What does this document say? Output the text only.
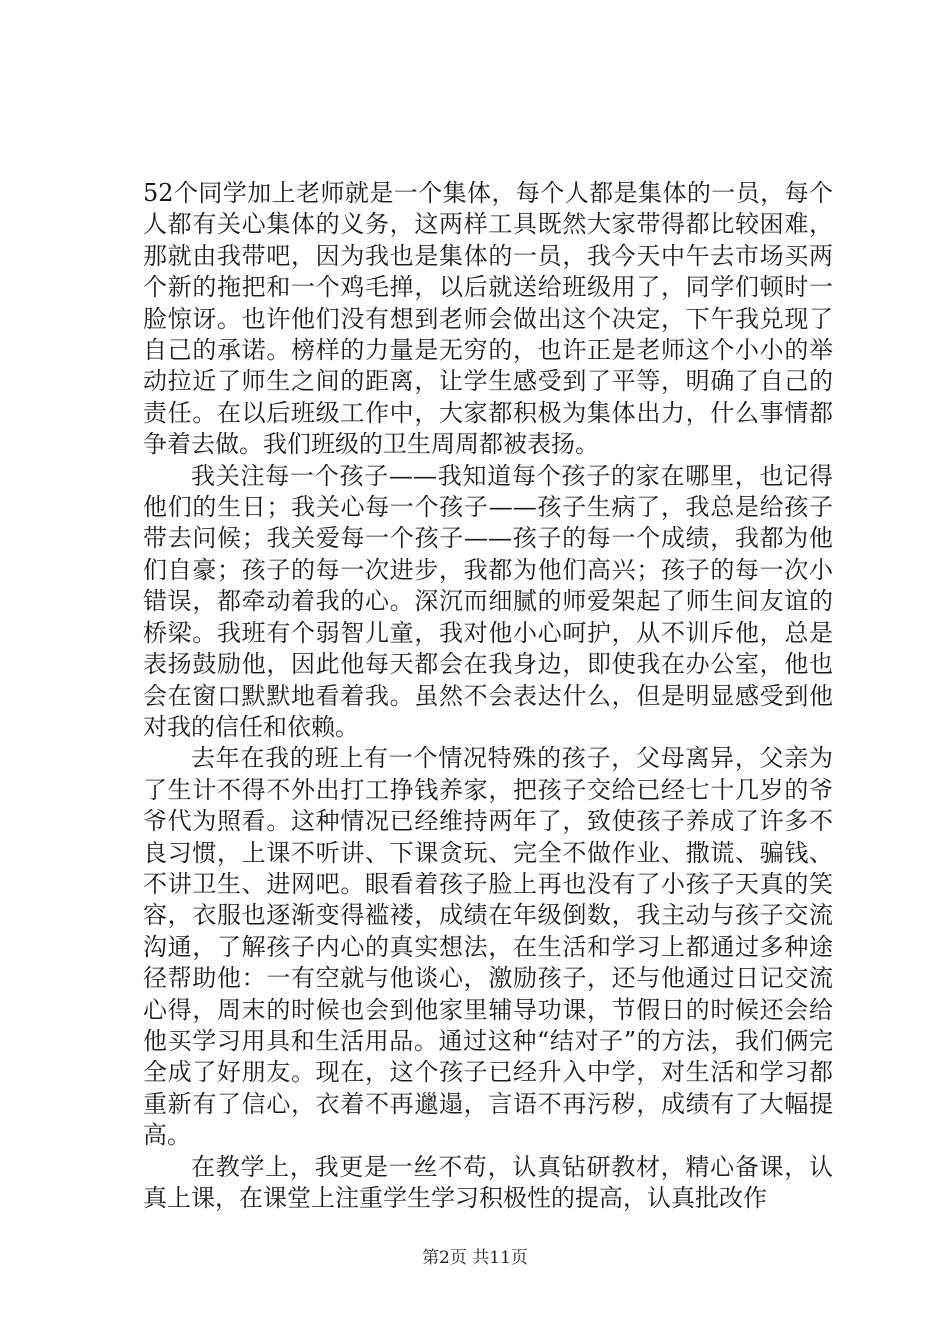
52个同学加上老师就是一个集体，每个人都是集体的一员，每个人都有关心集体的义务，这两样工具既然大家带得都比较困难，那就由我带吧，因为我也是集体的一员，我今天中午去市场买两个新的拖把和一个鸡毛掸，以后就送给班级用了，同学们顿时一脸惊讶。也许他们没有想到老师会做出这个决定，下午我兑现了自己的承诺。榜样的力量是无穷的，也许正是老师这个小小的举动拉近了师生之间的距离，让学生感受到了平等，明确了自己的责任。在以后班级工作中，大家都积极为集体出力，什么事情都争着去做。我们班级的卫生周周都被表扬。

我关注每一个孩子——我知道每个孩子的家在哪里，也记得他们的生日；我关心每一个孩子——孩子生病了，我总是给孩子带去问候；我关爱每一个孩子——孩子的每一个成绩，我都为他们自豪；孩子的每一次进步，我都为他们高兴；孩子的每一次小错误，都牵动着我的心。深沉而细腻的师爱架起了师生间友谊的桥梁。我班有个弱智儿童，我对他小心呵护，从不训斥他，总是表扬鼓励他，因此他每天都会在我身边，即使我在办公室，他也会在窗口默默地看着我。虽然不会表达什么，但是明显感受到他对我的信任和依赖。

去年在我的班上有一个情况特殊的孩子，父母离异，父亲为了生计不得不外出打工挣钱养家，把孩子交给已经七十几岁的爷爷代为照看。这种情况已经维持两年了，致使孩子养成了许多不良习惯，上课不听讲、下课贪玩、完全不做作业、撒谎、骗钱、不讲卫生、进网吧。眼看着孩子脸上再也没有了小孩子天真的笑容，衣服也逐渐变得褴褛，成绩在年级倒数，我主动与孩子交流沟通，了解孩子内心的真实想法，在生活和学习上都通过多种途径帮助他：一有空就与他谈心，激励孩子，还与他通过日记交流心得，周末的时候也会到他家里辅导功课，节假日的时候还会给他买学习用具和生活用品。通过这种“结对子”的方法，我们俩完全成了好朋友。现在，这个孩子已经升入中学，对生活和学习都重新有了信心，衣着不再邋遢，言语不再污秽，成绩有了大幅提高。

在教学上，我更是一丝不苟，认真钻研教材，精心备课，认真上课，在课堂上注重学生学习积极性的提高，认真批改作

第2页 共11页
